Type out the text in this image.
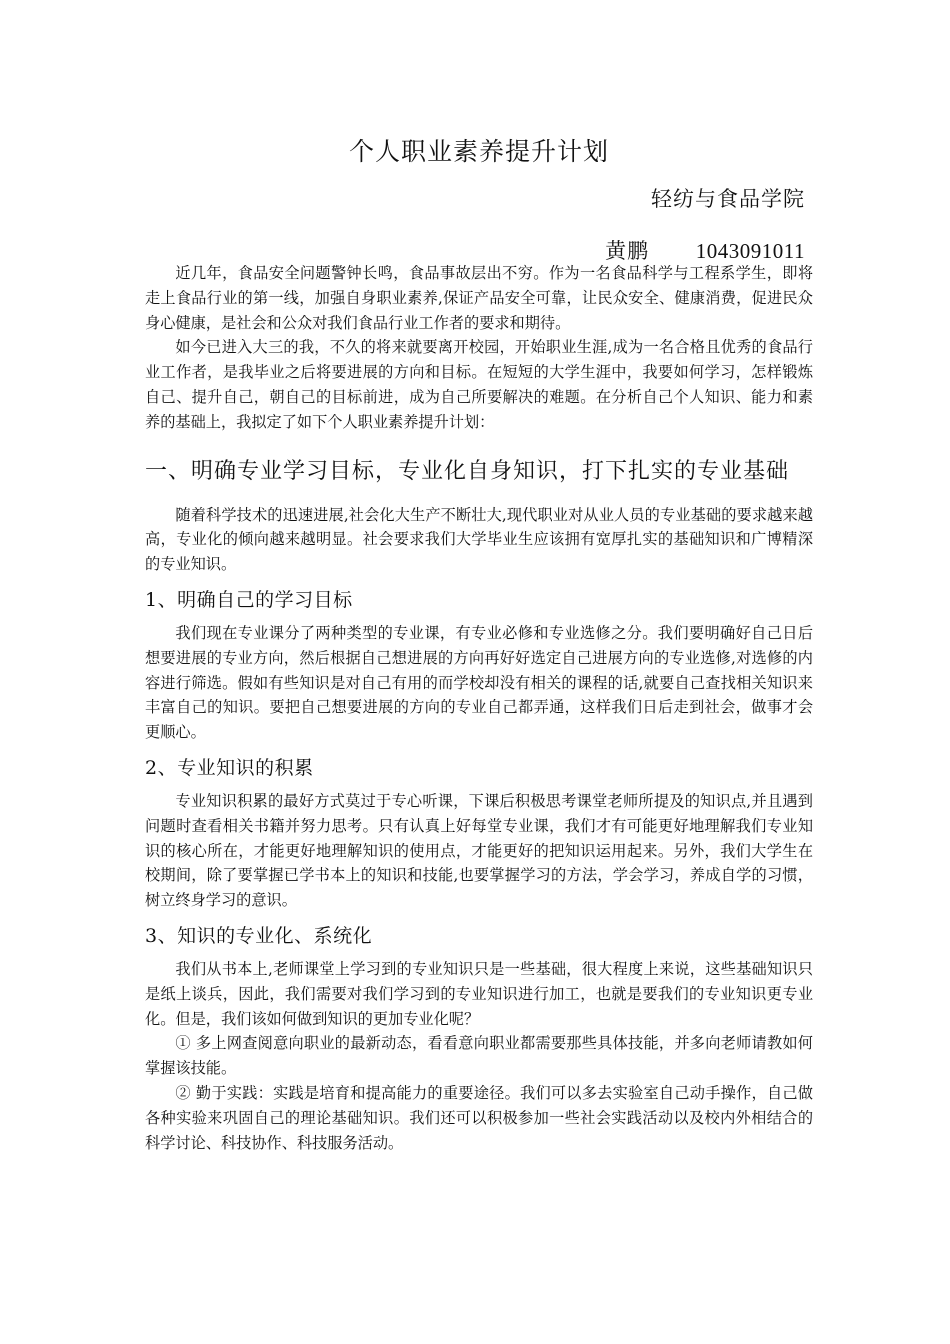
个人职业素养提升计划
轻纺与食品学院
黄鹏 1043091011

近几年，食品安全问题警钟长鸣，食品事故层出不穷。作为一名食品科学与工程系学生，即将走上食品行业的第一线，加强自身职业素养,保证产品安全可靠，让民众安全、健康消费，促进民众身心健康，是社会和公众对我们食品行业工作者的要求和期待。

如今已进入大三的我，不久的将来就要离开校园，开始职业生涯,成为一名合格且优秀的食品行业工作者，是我毕业之后将要进展的方向和目标。在短短的大学生涯中，我要如何学习，怎样锻炼自己、提升自己，朝自己的目标前进，成为自己所要解决的难题。在分析自己个人知识、能力和素养的基础上，我拟定了如下个人职业素养提升计划：

一、明确专业学习目标，专业化自身知识，打下扎实的专业基础

随着科学技术的迅速进展,社会化大生产不断壮大,现代职业对从业人员的专业基础的要求越来越高，专业化的倾向越来越明显。社会要求我们大学毕业生应该拥有宽厚扎实的基础知识和广博精深的专业知识。

1、明确自己的学习目标

我们现在专业课分了两种类型的专业课，有专业必修和专业选修之分。我们要明确好自己日后想要进展的专业方向，然后根据自己想进展的方向再好好选定自己进展方向的专业选修,对选修的内容进行筛选。假如有些知识是对自己有用的而学校却没有相关的课程的话,就要自己查找相关知识来丰富自己的知识。要把自己想要进展的方向的专业自己都弄通，这样我们日后走到社会，做事才会更顺心。

2、专业知识的积累

专业知识积累的最好方式莫过于专心听课，下课后积极思考课堂老师所提及的知识点,并且遇到问题时查看相关书籍并努力思考。只有认真上好每堂专业课，我们才有可能更好地理解我们专业知识的核心所在，才能更好地理解知识的使用点，才能更好的把知识运用起来。另外，我们大学生在校期间，除了要掌握已学书本上的知识和技能,也要掌握学习的方法，学会学习，养成自学的习惯，树立终身学习的意识。

3、知识的专业化、系统化

我们从书本上,老师课堂上学习到的专业知识只是一些基础，很大程度上来说，这些基础知识只是纸上谈兵，因此，我们需要对我们学习到的专业知识进行加工，也就是要我们的专业知识更专业化。但是，我们该如何做到知识的更加专业化呢？

① 多上网查阅意向职业的最新动态，看看意向职业都需要那些具体技能，并多向老师请教如何掌握该技能。

② 勤于实践：实践是培育和提高能力的重要途径。我们可以多去实验室自己动手操作，自己做各种实验来巩固自己的理论基础知识。我们还可以积极参加一些社会实践活动以及校内外相结合的科学讨论、科技协作、科技服务活动。
